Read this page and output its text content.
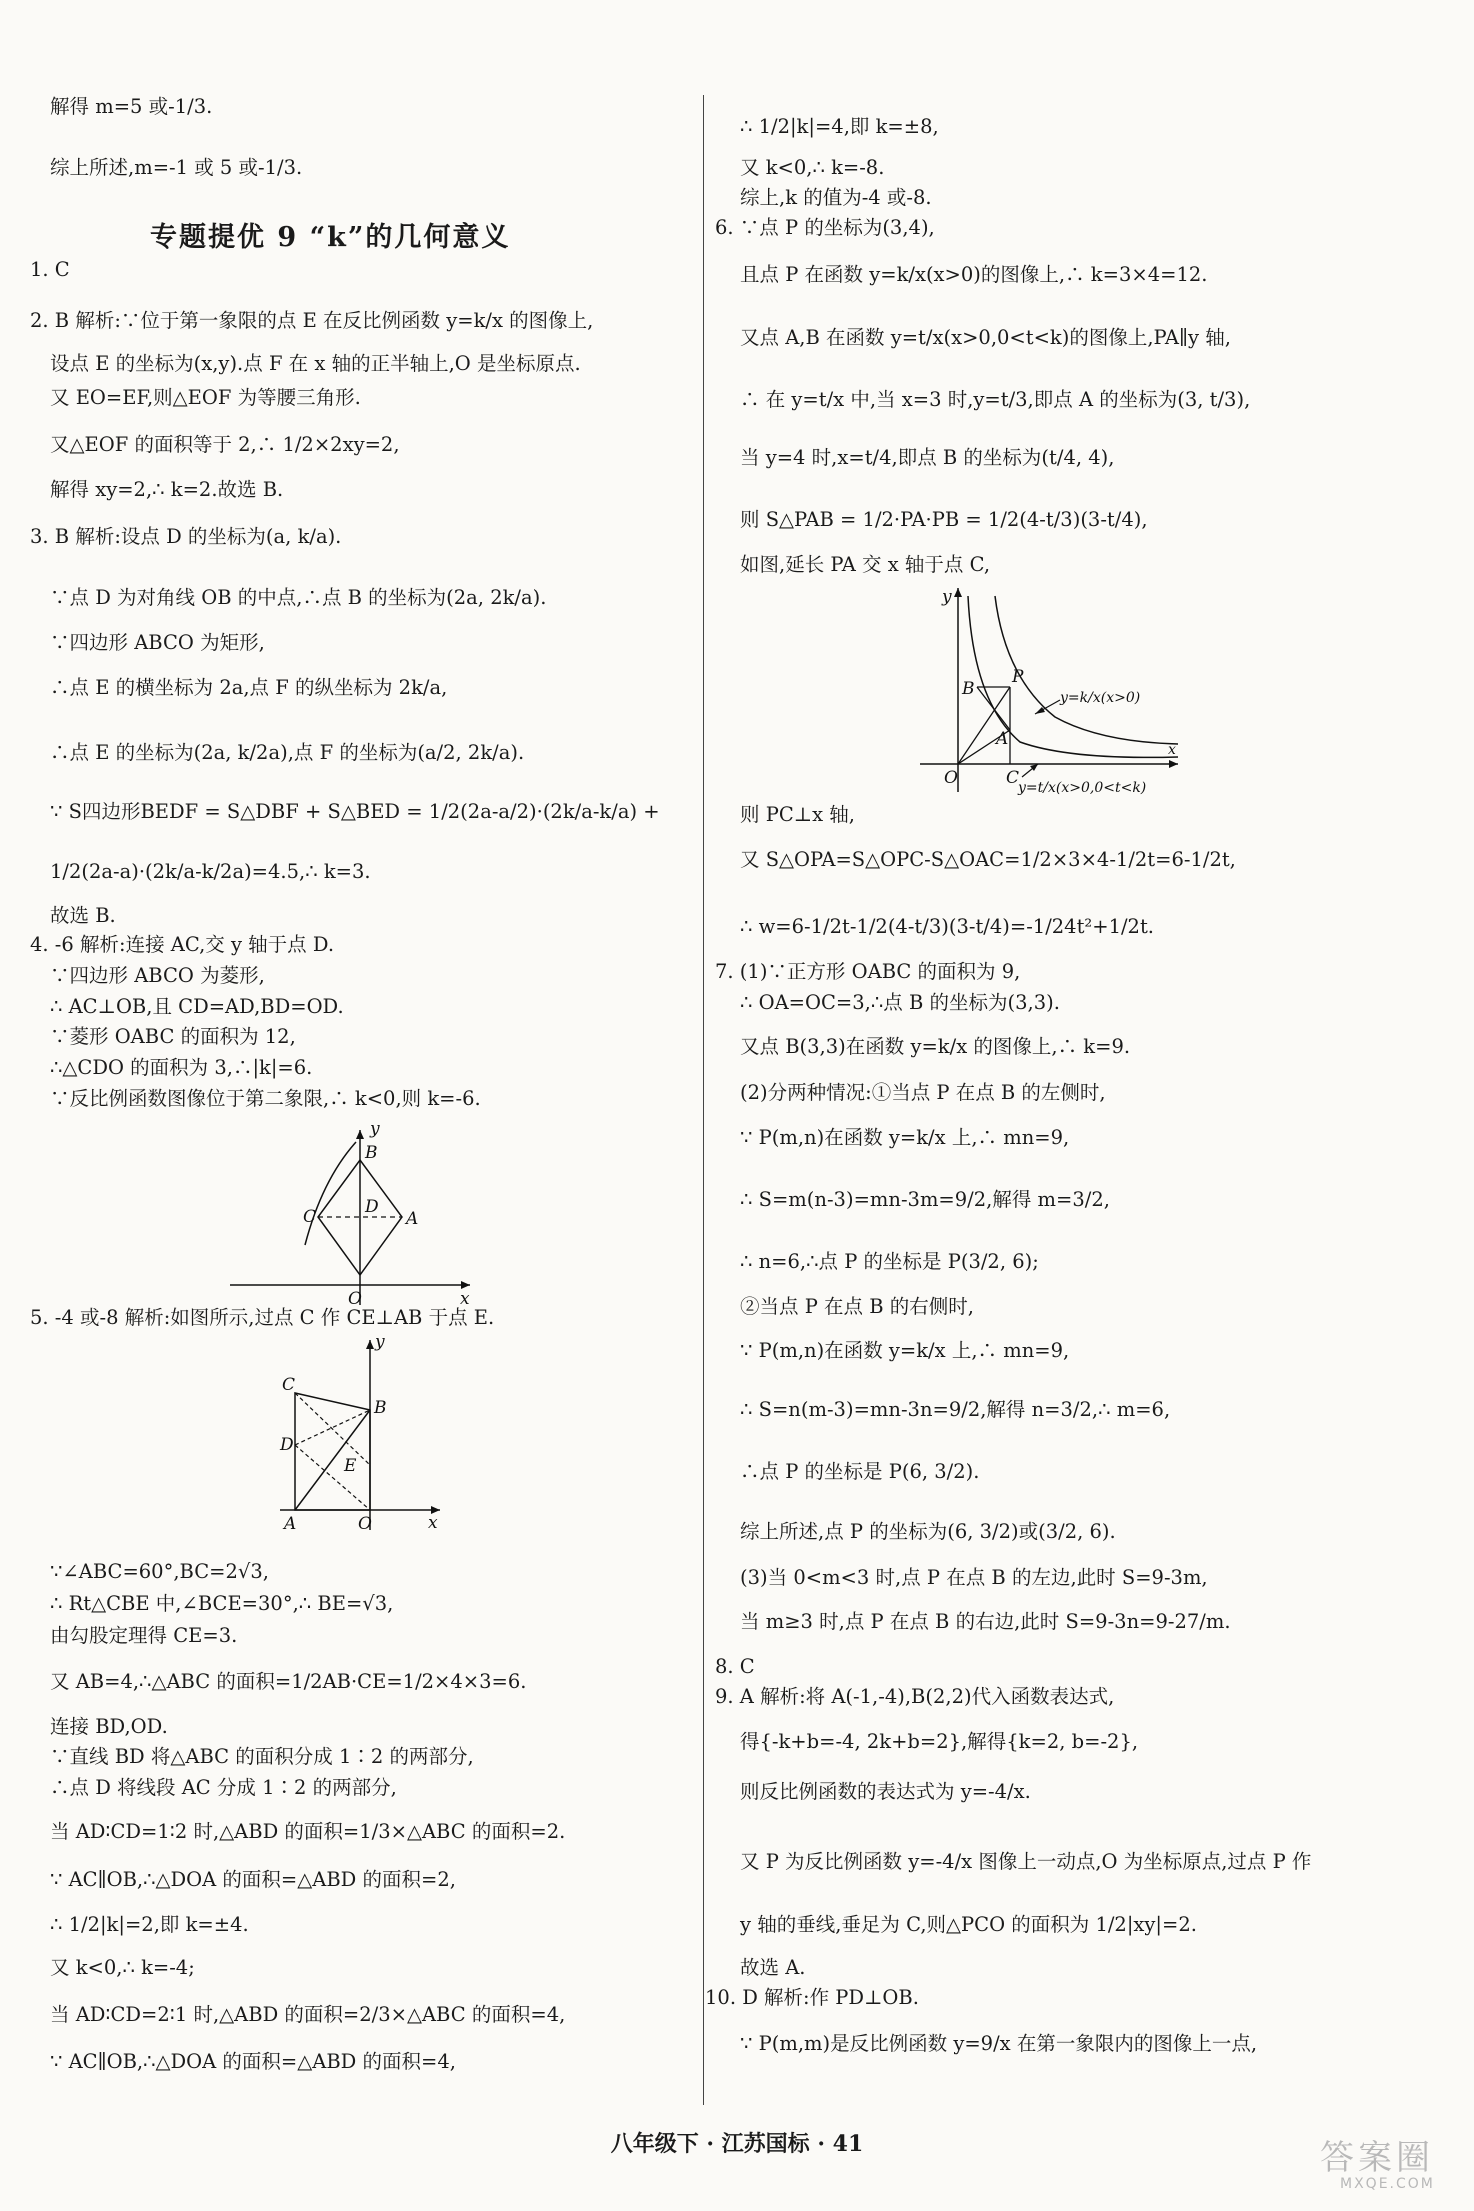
解得 m=5 或-1/3.
综上所述,m=-1 或 5 或-1/3.
1. C
2. B 解析:∵位于第一象限的点 E 在反比例函数 y=k/x 的图像上,
设点 E 的坐标为(x,y).点 F 在 x 轴的正半轴上,O 是坐标原点.
又 EO=EF,则△EOF 为等腰三角形.
又△EOF 的面积等于 2,∴ 1/2×2xy=2,
解得 xy=2,∴ k=2.故选 B.
3. B 解析:设点 D 的坐标为(a, k/a).
∵点 D 为对角线 OB 的中点,∴点 B 的坐标为(2a, 2k/a).
∵四边形 ABCO 为矩形,
∴点 E 的横坐标为 2a,点 F 的纵坐标为 2k/a,
∴点 E 的坐标为(2a, k/2a),点 F 的坐标为(a/2, 2k/a).
∵ S四边形BEDF = S△DBF + S△BED = 1/2(2a-a/2)·(2k/a-k/a) +
1/2(2a-a)·(2k/a-k/2a)=4.5,∴ k=3.
故选 B.
4. -6 解析:连接 AC,交 y 轴于点 D.
∵四边形 ABCO 为菱形,
∴ AC⊥OB,且 CD=AD,BD=OD.
∵菱形 OABC 的面积为 12,
∴△CDO 的面积为 3,∴|k|=6.
∵反比例函数图像位于第二象限,∴ k<0,则 k=-6.
5. -4 或-8 解析:如图所示,过点 C 作 CE⊥AB 于点 E.
∵∠ABC=60°,BC=2√3,
∴ Rt△CBE 中,∠BCE=30°,∴ BE=√3,
由勾股定理得 CE=3.
又 AB=4,∴△ABC 的面积=1/2AB·CE=1/2×4×3=6.
连接 BD,OD.
∵直线 BD 将△ABC 的面积分成 1∶2 的两部分,
∴点 D 将线段 AC 分成 1∶2 的两部分,
当 AD∶CD=1∶2 时,△ABD 的面积=1/3×△ABC 的面积=2.
∵ AC∥OB,∴△DOA 的面积=△ABD 的面积=2,
∴ 1/2|k|=2,即 k=±4.
又 k<0,∴ k=-4;
当 AD∶CD=2∶1 时,△ABD 的面积=2/3×△ABC 的面积=4,
∵ AC∥OB,∴△DOA 的面积=△ABD 的面积=4,
∴ 1/2|k|=4,即 k=±8,
又 k<0,∴ k=-8.
综上,k 的值为-4 或-8.
6. ∵点 P 的坐标为(3,4),
且点 P 在函数 y=k/x(x>0)的图像上,∴ k=3×4=12.
又点 A,B 在函数 y=t/x(x>0,0<t<k)的图像上,PA∥y 轴,
∴ 在 y=t/x 中,当 x=3 时,y=t/3,即点 A 的坐标为(3, t/3),
当 y=4 时,x=t/4,即点 B 的坐标为(t/4, 4),
则 S△PAB = 1/2·PA·PB = 1/2(4-t/3)(3-t/4),
如图,延长 PA 交 x 轴于点 C,
则 PC⊥x 轴,
又 S△OPA=S△OPC-S△OAC=1/2×3×4-1/2t=6-1/2t,
∴ w=6-1/2t-1/2(4-t/3)(3-t/4)=-1/24t²+1/2t.
7. (1)∵正方形 OABC 的面积为 9,
∴ OA=OC=3,∴点 B 的坐标为(3,3).
又点 B(3,3)在函数 y=k/x 的图像上,∴ k=9.
(2)分两种情况:①当点 P 在点 B 的左侧时,
∵ P(m,n)在函数 y=k/x 上,∴ mn=9,
∴ S=m(n-3)=mn-3m=9/2,解得 m=3/2,
∴ n=6,∴点 P 的坐标是 P(3/2, 6);
②当点 P 在点 B 的右侧时,
∵ P(m,n)在函数 y=k/x 上,∴ mn=9,
∴ S=n(m-3)=mn-3n=9/2,解得 n=3/2,∴ m=6,
∴点 P 的坐标是 P(6, 3/2).
综上所述,点 P 的坐标为(6, 3/2)或(3/2, 6).
(3)当 0<m<3 时,点 P 在点 B 的左边,此时 S=9-3m,
当 m≥3 时,点 P 在点 B 的右边,此时 S=9-3n=9-27/m.
8. C
9. A 解析:将 A(-1,-4),B(2,2)代入函数表达式,
得{-k+b=-4, 2k+b=2},解得{k=2, b=-2},
则反比例函数的表达式为 y=-4/x.
又 P 为反比例函数 y=-4/x 图像上一动点,O 为坐标原点,过点 P 作
y 轴的垂线,垂足为 C,则△PCO 的面积为 1/2|xy|=2.
故选 A.
10. D 解析:作 PD⊥OB.
∵ P(m,m)是反比例函数 y=9/x 在第一象限内的图像上一点,
专题提优 9 “k”的几何意义
y
x
B
C	D
A
O
y
x
C
B
D
E
A	O
y
P
B
A
O	C
x
y=k/x(x>0)
y=t/x(x>0,0<t<k)
八年级下 · 江苏国标 · 41	答案圈
MXQE.COM
